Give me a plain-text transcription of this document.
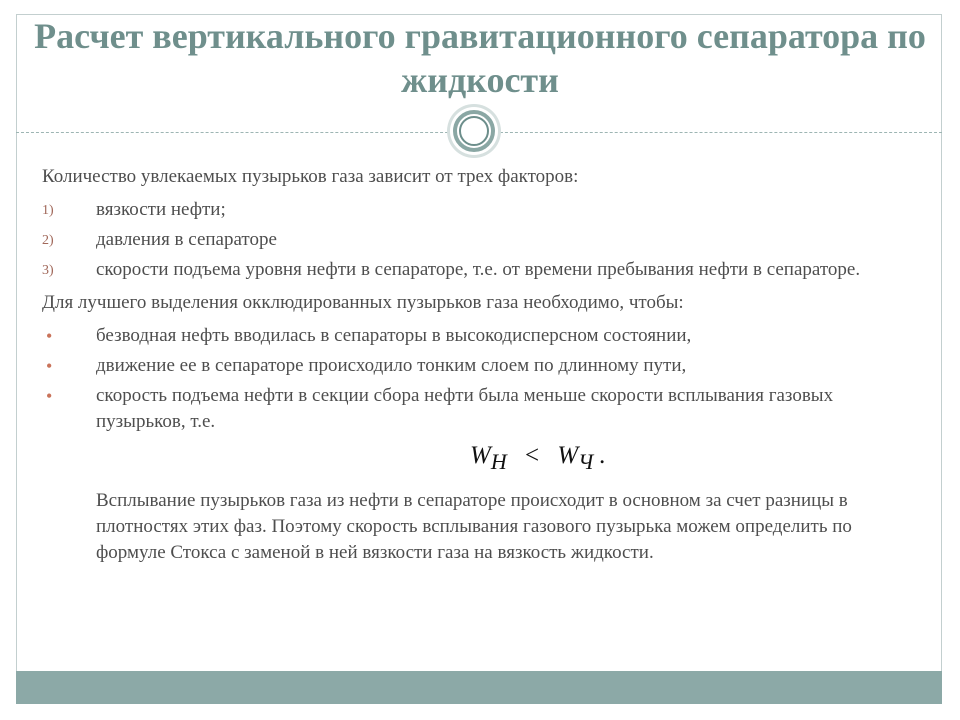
Расчет вертикального гравитационного сепаратора по жидкости

Количество увлекаемых пузырьков газа зависит от трех факторов:

1) вязкости нефти;
2) давления в сепараторе
3) скорости подъема уровня нефти в сепараторе, т.е. от времени пребывания нефти в сепараторе.

Для лучшего выделения окклюдированных пузырьков газа необходимо, чтобы:

• безводная нефть вводилась в сепараторы в высокодисперсном состоянии,
• движение ее в сепараторе происходило тонким слоем по длинному пути,
• скорость подъема нефти в секции сбора нефти была меньше скорости всплывания газовых пузырьков, т.е.
WН < WЧ .

Всплывание пузырьков газа из нефти в сепараторе происходит в основном за счет разницы в плотностях этих фаз. Поэтому скорость всплывания газового пузырька можем определить по формуле Стокса с заменой в ней вязкости газа на вязкость жидкости.
